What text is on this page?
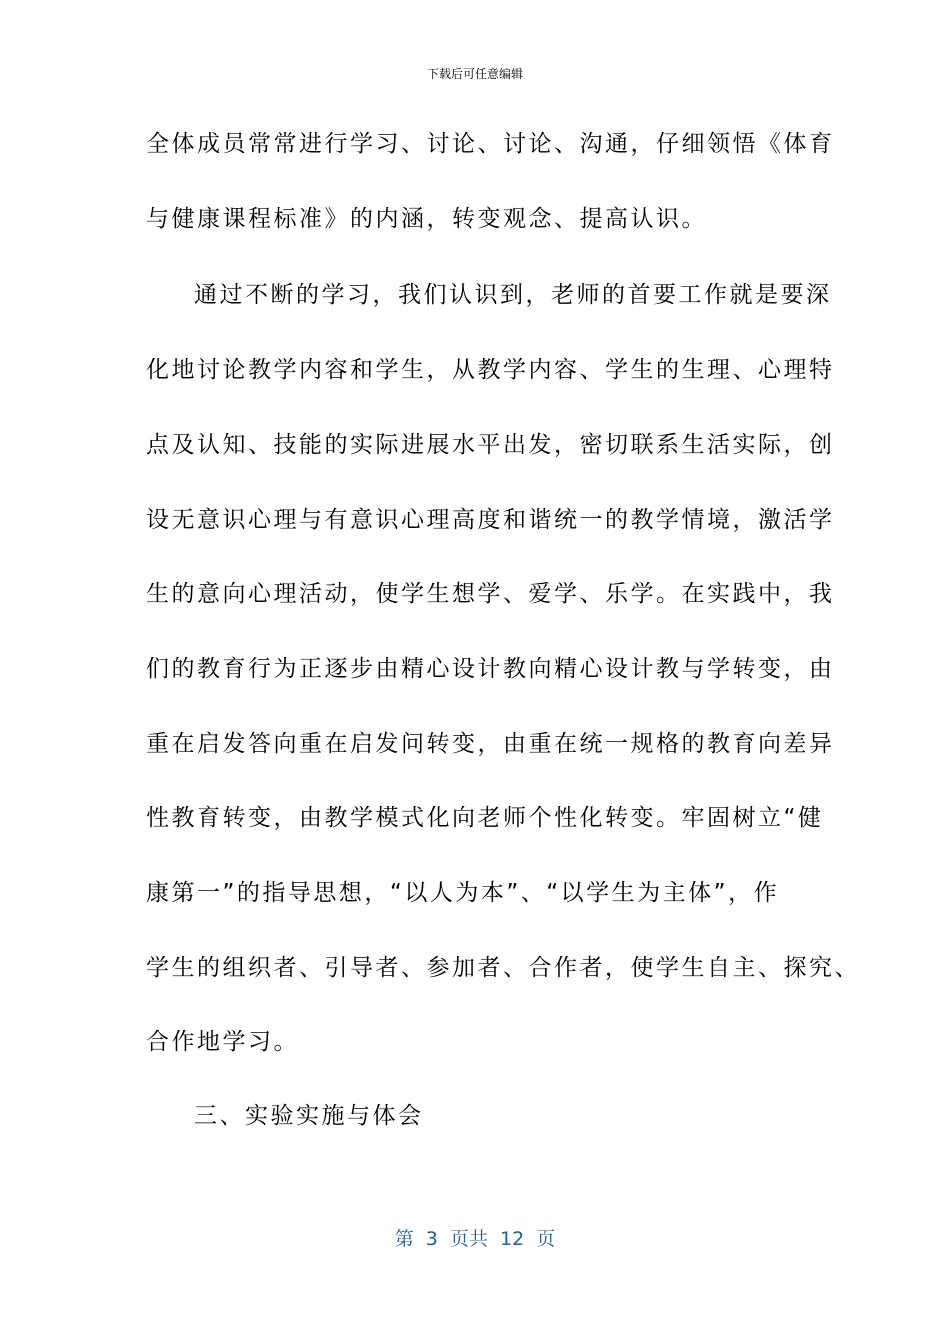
下载后可任意编辑
全体成员常常进行学习、讨论、讨论、沟通，仔细领悟《体育
与健康课程标准》的内涵，转变观念、提高认识。
通过不断的学习，我们认识到，老师的首要工作就是要深
化地讨论教学内容和学生，从教学内容、学生的生理、心理特
点及认知、技能的实际进展水平出发，密切联系生活实际，创
设无意识心理与有意识心理高度和谐统一的教学情境，激活学
生的意向心理活动，使学生想学、爱学、乐学。在实践中，我
们的教育行为正逐步由精心设计教向精心设计教与学转变，由
重在启发答向重在启发问转变，由重在统一规格的教育向差异
性教育转变，由教学模式化向老师个性化转变。牢固树立“健
康第一”的指导思想，“以人为本”、“以学生为主体”，作
学生的组织者、引导者、参加者、合作者，使学生自主、探究、
合作地学习。
三、实验实施与体会
第  3  页共  12  页
